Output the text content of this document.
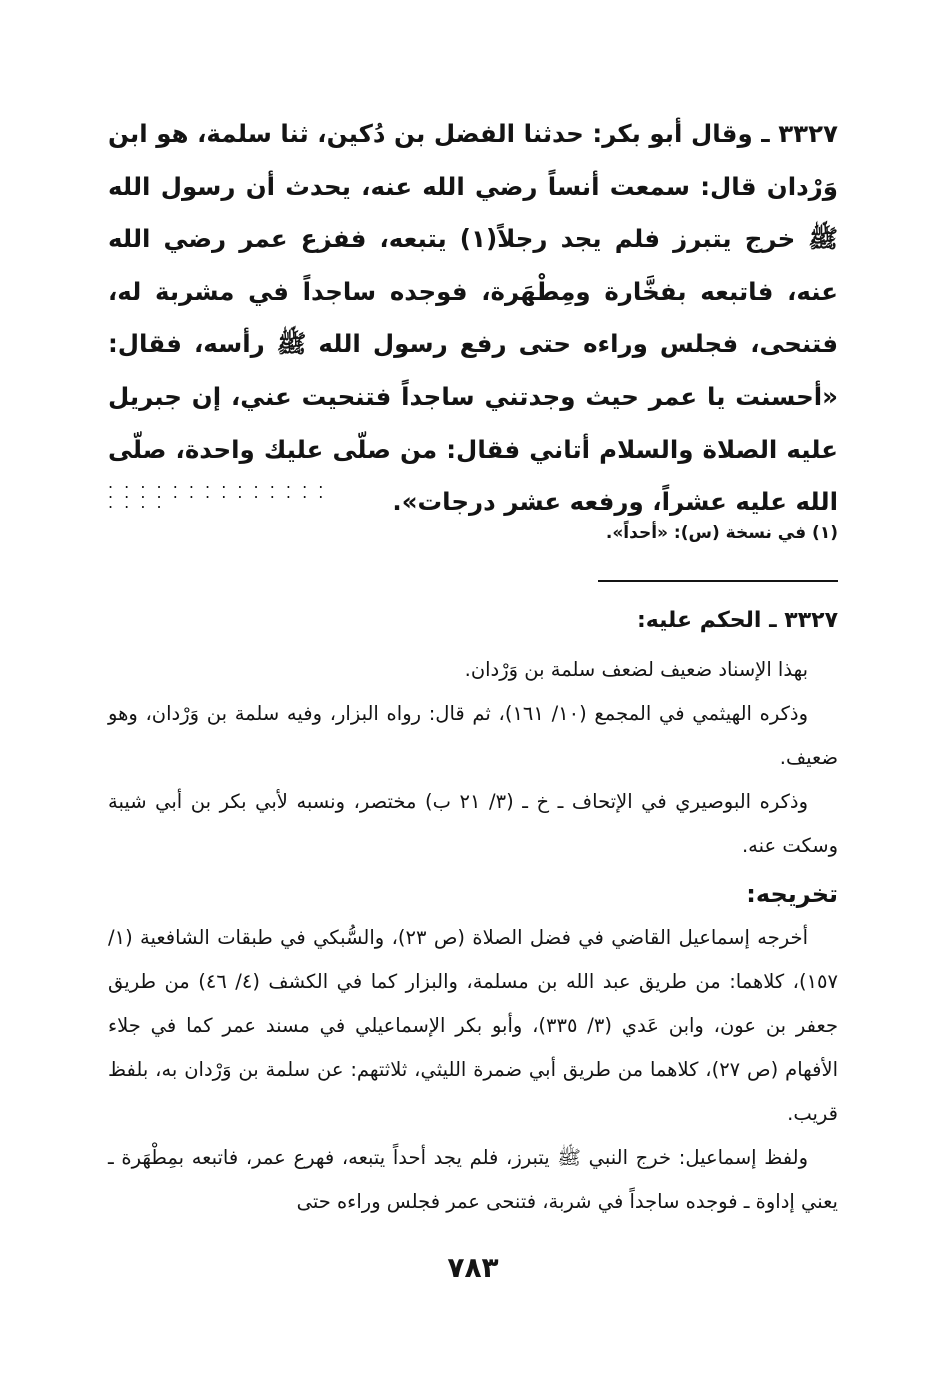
٣٣٢٧ ـ وقال أبو بكر: حدثنا الفضل بن دُكين، ثنا سلمة، هو ابن وَرْدان قال: سمعت أنساً رضي الله عنه، يحدث أن رسول الله ﷺ خرج يتبرز فلم يجد رجلاً(١) يتبعه، ففزع عمر رضي الله عنه، فاتبعه بفخَّارة ومِطْهَرة، فوجده ساجداً في مشربة له، فتنحى، فجلس وراءه حتى رفع رسول الله ﷺ رأسه، فقال: «أحسنت يا عمر حيث وجدتني ساجداً فتنحيت عني، إن جبريل عليه الصلاة والسلام أتاني فقال: من صلّى عليك واحدة، صلّى الله عليه عشراً، ورفعه عشر درجات».

. . . . . . . . . . . . . . . . . . . . . . . . . . . . . . . .
(١) في نسخة (س): «أحداً».
٣٣٢٧ ـ الحكم عليه:

بهذا الإسناد ضعيف لضعف سلمة بن وَرْدان.

وذكره الهيثمي في المجمع (١٠/ ١٦١)، ثم قال: رواه البزار، وفيه سلمة بن وَرْدان، وهو ضعيف.

وذكره البوصيري في الإتحاف ـ خ ـ (٣/ ٢١ ب) مختصر، ونسبه لأبي بكر بن أبي شيبة وسكت عنه.

تخريجه:

أخرجه إسماعيل القاضي في فضل الصلاة (ص ٢٣)، والسُّبكي في طبقات الشافعية (١/ ١٥٧)، كلاهما: من طريق عبد الله بن مسلمة، والبزار كما في الكشف (٤/ ٤٦) من طريق جعفر بن عون، وابن عَدي (٣/ ٣٣٥)، وأبو بكر الإسماعيلي في مسند عمر كما في جلاء الأفهام (ص ٢٧)، كلاهما من طريق أبي ضمرة الليثي، ثلاثتهم: عن سلمة بن وَرْدان به، بلفظ قريب.

ولفظ إسماعيل: خرج النبي ﷺ يتبرز، فلم يجد أحداً يتبعه، فهرع عمر، فاتبعه بمِطْهَرة ـ يعني إداوة ـ فوجده ساجداً في شربة، فتنحى عمر فجلس وراءه حتى

٧٨٣
